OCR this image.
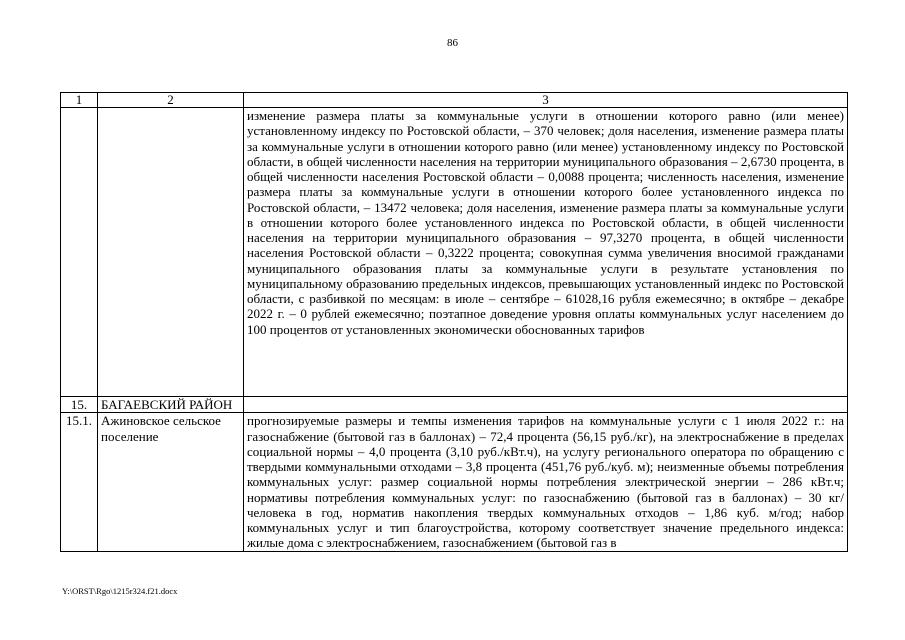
86
1	2	3
		изменение размера платы за коммунальные услуги в отношении которого равно (или менее) установленному индексу по Ростовской области, – 370 человек; доля населения, изменение размера платы за коммунальные услуги в отношении которого равно (или менее) установленному индексу по Ростовской области, в общей численности населения на территории муниципального образования – 2,6730 процента, в общей численности населения Ростовской области – 0,0088 процента; численность населения, изменение размера платы за коммунальные услуги в отношении которого более установленного индекса по Ростовской области, – 13472 человека; доля населения, изменение размера платы за коммунальные услуги в отношении которого более установленного индекса по Ростовской области, в общей численности населения на территории муниципального образования – 97,3270 процента, в общей численности населения Ростовской области – 0,3222 процента; совокупная сумма увеличения вносимой гражданами муниципального образования платы за коммунальные услуги в результате установления по муниципальному образованию предельных индексов, превышающих установленный индекс по Ростовской области, с разбивкой по месяцам: в июле – сентябре – 61028,16 рубля ежемесячно; в октябре – декабре 2022 г. – 0 рублей ежемесячно; поэтапное доведение уровня оплаты коммунальных услуг населением до 100 процентов от установленных экономически обоснованных тарифов
15.	БАГАЕВСКИЙ РАЙОН	
15.1.	Ажиновское сельское поселение	прогнозируемые размеры и темпы изменения тарифов на коммунальные услуги с 1 июля 2022 г.: на газоснабжение (бытовой газ в баллонах) – 72,4 процента (56,15 руб./кг), на электроснабжение в пределах социальной нормы – 4,0 процента (3,10 руб./кВт.ч), на услугу регионального оператора по обращению с твердыми коммунальными отходами – 3,8 процента (451,76 руб./куб. м); неизменные объемы потребления коммунальных услуг: размер социальной нормы потребления электрической энергии – 286 кВт.ч; нормативы потребления коммунальных услуг: по газоснабжению (бытовой газ в баллонах) – 30 кг/человека в год, норматив накопления твердых коммунальных отходов – 1,86 куб. м/год; набор коммунальных услуг и тип благоустройства, которому соответствует значение предельного индекса: жилые дома с электроснабжением, газоснабжением (бытовой газ в
Y:\ORST\Rgo\1215r324.f21.docx
